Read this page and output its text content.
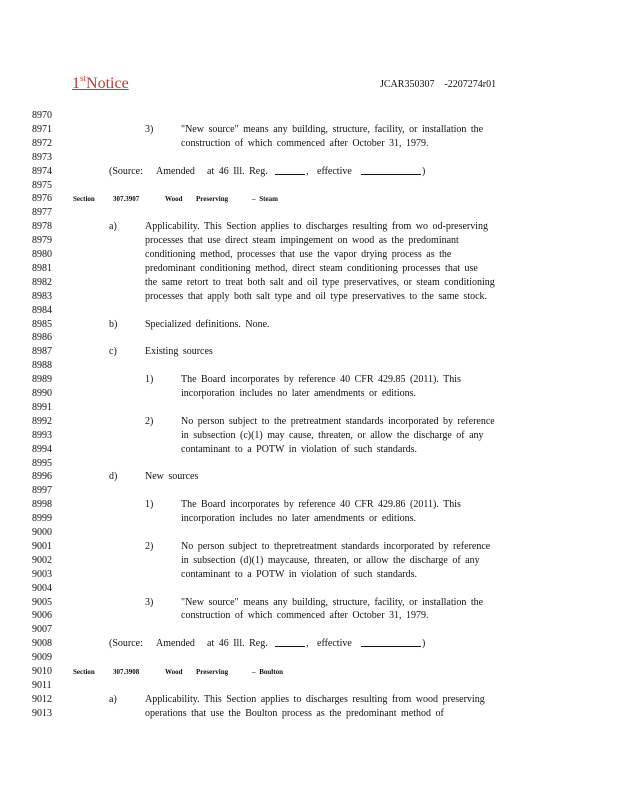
1stNotice	JCAR350307 -2207274r01
8970
8971	3)	"New source" means any building, structure, facility, or installation the
8972	construction of which commenced after October 31, 1979.
8973
8974	(Source: Amended at 46 Ill. Reg.	, effective	)
8975
8976	Section	307.3907	Wood Preserving	– Steam
8977
8978	a)	Applicability. This Section applies to discharges resulting from wo od-preserving
8979	processes that use direct steam impingement on wood as the predominant
8980	conditioning method, processes that use the vapor drying process as the
8981	predominant conditioning method, direct steam conditioning processes that use
8982	the same retort to treat both salt and oil type preservatives, or steam conditioning
8983	processes that apply both salt type and oil type preservatives to the same stock.
8984
8985	b)	Specialized definitions. None.
8986
8987	c)	Existing sources
8988
8989	1)	The Board incorporates by reference 40 CFR 429.85 (2011). This
8990	incorporation includes no later amendments or editions.
8991
8992	2)	No person subject to the pretreatment standards incorporated by reference
8993	in subsection (c)(1) may cause, threaten, or allow the discharge of any
8994	contaminant to a POTW in violation of such standards.
8995
8996	d)	New sources
8997
8998	1)	The Board incorporates by reference 40 CFR 429.86 (2011). This
8999	incorporation includes no later amendments or editions.
9000
9001	2)	No person subject to thepretreatment standards incorporated by reference
9002	in subsection (d)(1) maycause, threaten, or allow the discharge of any
9003	contaminant to a POTW in violation of such standards.
9004
9005	3)	"New source" means any building, structure, facility, or installation the
9006	construction of which commenced after October 31, 1979.
9007
9008	(Source: Amended at 46 Ill. Reg.	, effective	)
9009
9010	Section	307.3908	Wood Preserving	– Boulton
9011
9012	a)	Applicability. This Section applies to discharges resulting from wood preserving
9013	operations that use the Boulton process as the predominant method of
